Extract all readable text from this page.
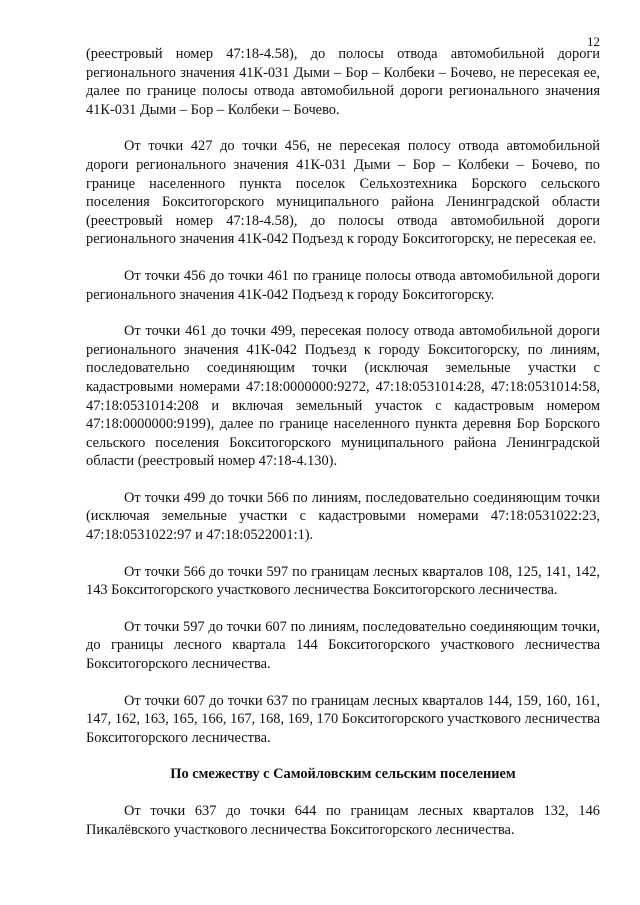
12

(реестровый номер 47:18-4.58), до полосы отвода автомобильной дороги регионального значения 41К-031 Дыми – Бор – Колбеки – Бочево, не пересекая ее, далее по границе полосы отвода автомобильной дороги регионального значения 41К-031 Дыми – Бор – Колбеки – Бочево.

От точки 427 до точки 456, не пересекая полосу отвода автомобильной дороги регионального значения 41К-031 Дыми – Бор – Колбеки – Бочево, по границе населенного пункта поселок Сельхозтехника Борского сельского поселения Бокситогорского муниципального района Ленинградской области (реестровый номер 47:18-4.58), до полосы отвода автомобильной дороги регионального значения 41К-042 Подъезд к городу Бокситогорску, не пересекая ее.

От точки 456 до точки 461 по границе полосы отвода автомобильной дороги регионального значения 41К-042 Подъезд к городу Бокситогорску.

От точки 461 до точки 499, пересекая полосу отвода автомобильной дороги регионального значения 41К-042 Подъезд к городу Бокситогорску, по линиям, последовательно соединяющим точки (исключая земельные участки с кадастровыми номерами 47:18:0000000:9272, 47:18:0531014:28, 47:18:0531014:58, 47:18:0531014:208 и включая земельный участок с кадастровым номером 47:18:0000000:9199), далее по границе населенного пункта деревня Бор Борского сельского поселения Бокситогорского муниципального района Ленинградской области (реестровый номер 47:18-4.130).

От точки 499 до точки 566 по линиям, последовательно соединяющим точки (исключая земельные участки с кадастровыми номерами 47:18:0531022:23, 47:18:0531022:97 и 47:18:0522001:1).

От точки 566 до точки 597 по границам лесных кварталов 108, 125, 141, 142, 143 Бокситогорского участкового лесничества Бокситогорского лесничества.

От точки 597 до точки 607 по линиям, последовательно соединяющим точки, до границы лесного квартала 144 Бокситогорского участкового лесничества Бокситогорского лесничества.

От точки 607 до точки 637 по границам лесных кварталов 144, 159, 160, 161, 147, 162, 163, 165, 166, 167, 168, 169, 170 Бокситогорского участкового лесничества Бокситогорского лесничества.

По смежеству с Самойловским сельским поселением

От точки 637 до точки 644 по границам лесных кварталов 132, 146 Пикалёвского участкового лесничества Бокситогорского лесничества.
